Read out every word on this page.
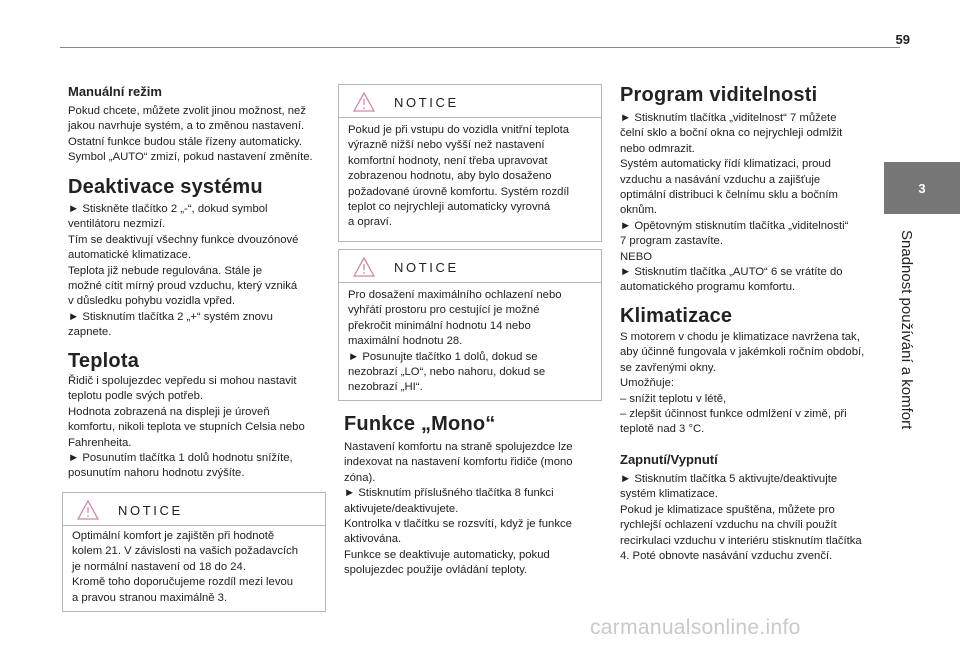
59
3
Snadnost používání a komfort
Manuální režim
Pokud chcete, můžete zvolit jinou možnost, než
jakou navrhuje systém, a to změnou nastavení.
Ostatní funkce budou stále řízeny automaticky.
Symbol „AUTO“ zmizí, pokud nastavení změníte.
Deaktivace systému
► Stiskněte tlačítko 2 „-“, dokud symbol
ventilátoru nezmizí.
Tím se deaktivují všechny funkce dvouzónové
automatické klimatizace.
Teplota již nebude regulována. Stále je
možné cítit mírný proud vzduchu, který vzniká
v důsledku pohybu vozidla vpřed.
► Stisknutím tlačítka 2 „+“ systém znovu
zapnete.
Teplota
Řidič i spolujezdec vepředu si mohou nastavit
teplotu podle svých potřeb.
Hodnota zobrazená na displeji je úroveň
komfortu, nikoli teplota ve stupních Celsia nebo
Fahrenheita.
► Posunutím tlačítka 1 dolů hodnotu snížíte,
posunutím nahoru hodnotu zvýšíte.
NOTICE
Optimální komfort je zajištěn při hodnotě
kolem 21. V závislosti na vašich požadavcích
je normální nastavení od 18 do 24.
Kromě toho doporučujeme rozdíl mezi levou
a pravou stranou maximálně 3.
NOTICE
Pokud je při vstupu do vozidla vnitřní teplota
výrazně nižší nebo vyšší než nastavení
komfortní hodnoty, není třeba upravovat
zobrazenou hodnotu, aby bylo dosaženo
požadované úrovně komfortu. Systém rozdíl
teplot co nejrychleji automaticky vyrovná
a opraví.
NOTICE
Pro dosažení maximálního ochlazení nebo
vyhřátí prostoru pro cestující je možné
překročit minimální hodnotu 14 nebo
maximální hodnotu 28.
► Posunujte tlačítko 1 dolů, dokud se
nezobrazí „LO“, nebo nahoru, dokud se
nezobrazí „HI“.
Funkce „Mono“
Nastavení komfortu na straně spolujezdce lze
indexovat na nastavení komfortu řidiče (mono
zóna).
► Stisknutím příslušného tlačítka 8 funkci
aktivujete/deaktivujete.
Kontrolka v tlačítku se rozsvítí, když je funkce
aktivována.
Funkce se deaktivuje automaticky, pokud
spolujezdec použije ovládání teploty.
Program viditelnosti
► Stisknutím tlačítka „viditelnost“ 7 můžete
čelní sklo a boční okna co nejrychleji odmlžit
nebo odmrazit.
Systém automaticky řídí klimatizaci, proud
vzduchu a nasávání vzduchu a zajišťuje
optimální distribuci k čelnímu sklu a bočním
oknům.
► Opětovným stisknutím tlačítka „viditelnosti“
7 program zastavíte.
NEBO
► Stisknutím tlačítka „AUTO“ 6 se vrátíte do
automatického programu komfortu.
Klimatizace
S motorem v chodu je klimatizace navržena tak,
aby účinně fungovala v jakémkoli ročním období,
se zavřenými okny.
Umožňuje:
– snížit teplotu v létě,
– zlepšit účinnost funkce odmlžení v zimě, při
teplotě nad 3 °C.
Zapnutí/Vypnutí
► Stisknutím tlačítka 5 aktivujte/deaktivujte
systém klimatizace.
Pokud je klimatizace spuštěna, můžete pro
rychlejší ochlazení vzduchu na chvíli použít
recirkulaci vzduchu v interiéru stisknutím tlačítka
4. Poté obnovte nasávání vzduchu zvenčí.
carmanualsonline.info
